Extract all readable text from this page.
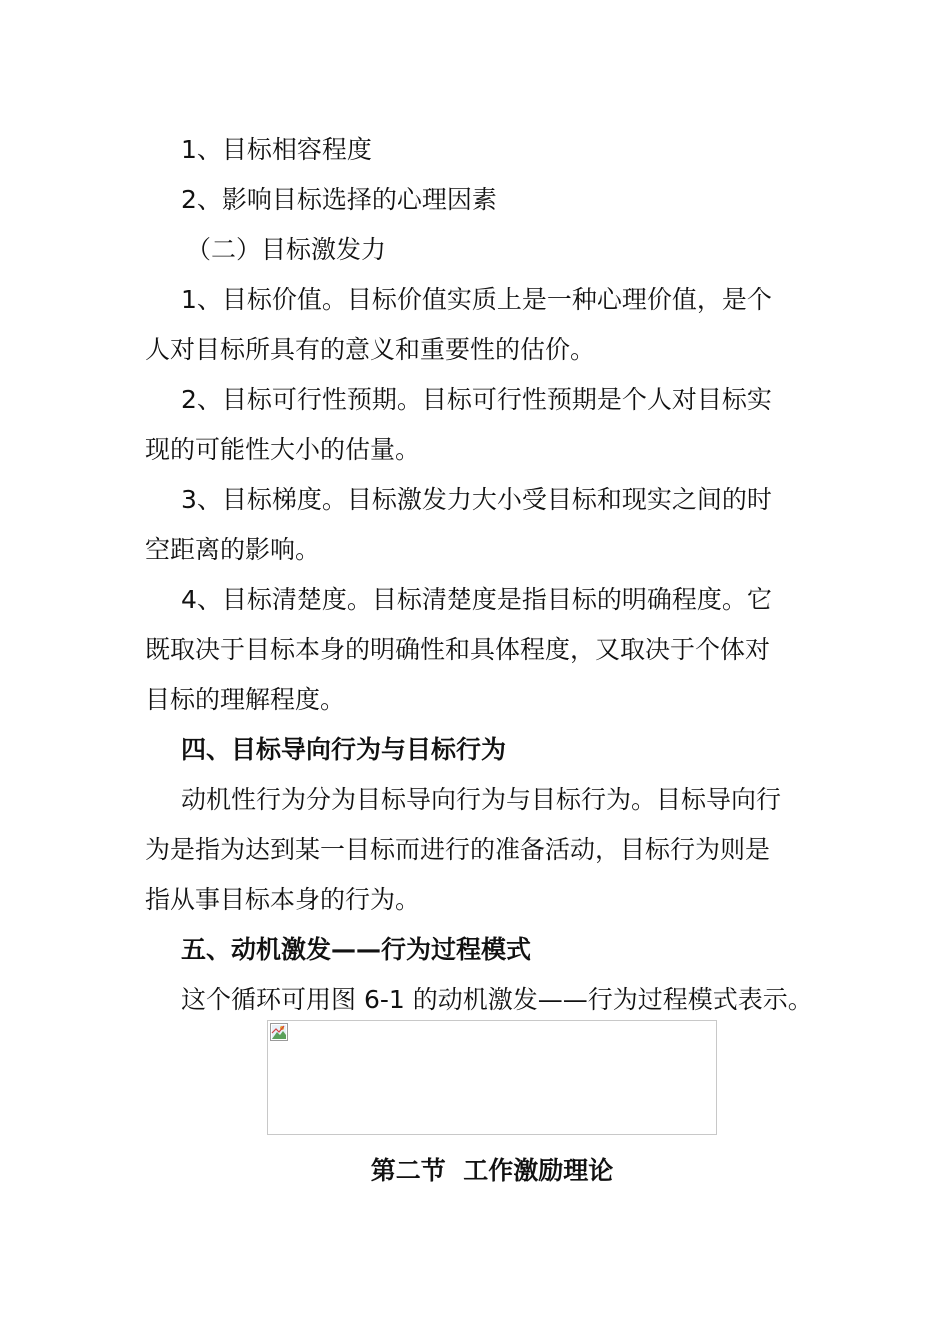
1、目标相容程度
2、影响目标选择的心理因素
（二）目标激发力
1、目标价值。目标价值实质上是一种心理价值，是个
人对目标所具有的意义和重要性的估价。
2、目标可行性预期。目标可行性预期是个人对目标实
现的可能性大小的估量。
3、目标梯度。目标激发力大小受目标和现实之间的时
空距离的影响。
4、目标清楚度。目标清楚度是指目标的明确程度。它
既取决于目标本身的明确性和具体程度，又取决于个体对
目标的理解程度。
四、目标导向行为与目标行为
动机性行为分为目标导向行为与目标行为。目标导向行
为是指为达到某一目标而进行的准备活动，目标行为则是
指从事目标本身的行为。
五、动机激发——行为过程模式
这个循环可用图 6-1 的动机激发——行为过程模式表示。
第二节  工作激励理论
